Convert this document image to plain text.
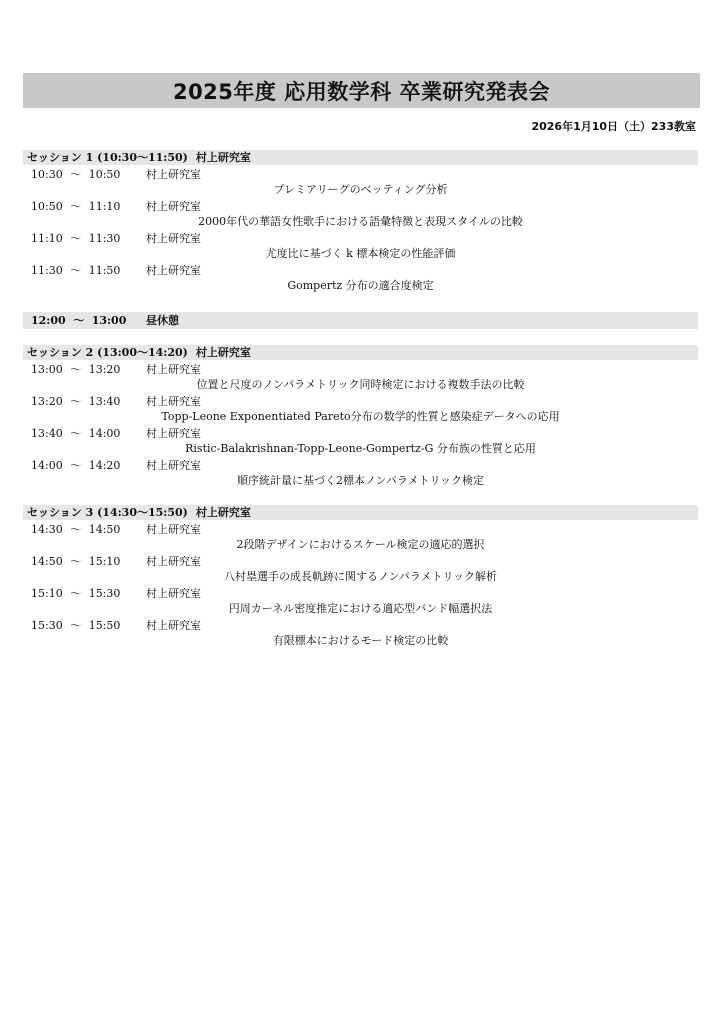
2025年度 応用数学科 卒業研究発表会
2026年1月10日（土）233教室
セッション 1 (10:30〜11:50) 村上研究室
10:30 〜 10:50 村上研究室
プレミアリーグのベッティング分析
10:50 〜 11:10 村上研究室
2000年代の華語女性歌手における語彙特徴と表現スタイルの比較
11:10 〜 11:30 村上研究室
尤度比に基づく k 標本検定の性能評価
11:30 〜 11:50 村上研究室
Gompertz 分布の適合度検定
12:00 〜 13:00 昼休憩
セッション 2 (13:00〜14:20) 村上研究室
13:00 〜 13:20 村上研究室
位置と尺度のノンパラメトリック同時検定における複数手法の比較
13:20 〜 13:40 村上研究室
Topp-Leone Exponentiated Pareto分布の数学的性質と感染症データへの応用
13:40 〜 14:00 村上研究室
Ristic-Balakrishnan-Topp-Leone-Gompertz-G 分布族の性質と応用
14:00 〜 14:20 村上研究室
順序統計量に基づく2標本ノンパラメトリック検定
セッション 3 (14:30〜15:50) 村上研究室
14:30 〜 14:50 村上研究室
2段階デザインにおけるスケール検定の適応的選択
14:50 〜 15:10 村上研究室
八村塁選手の成長軌跡に関するノンパラメトリック解析
15:10 〜 15:30 村上研究室
円周カーネル密度推定における適応型バンド幅選択法
15:30 〜 15:50 村上研究室
有限標本におけるモード検定の比較
